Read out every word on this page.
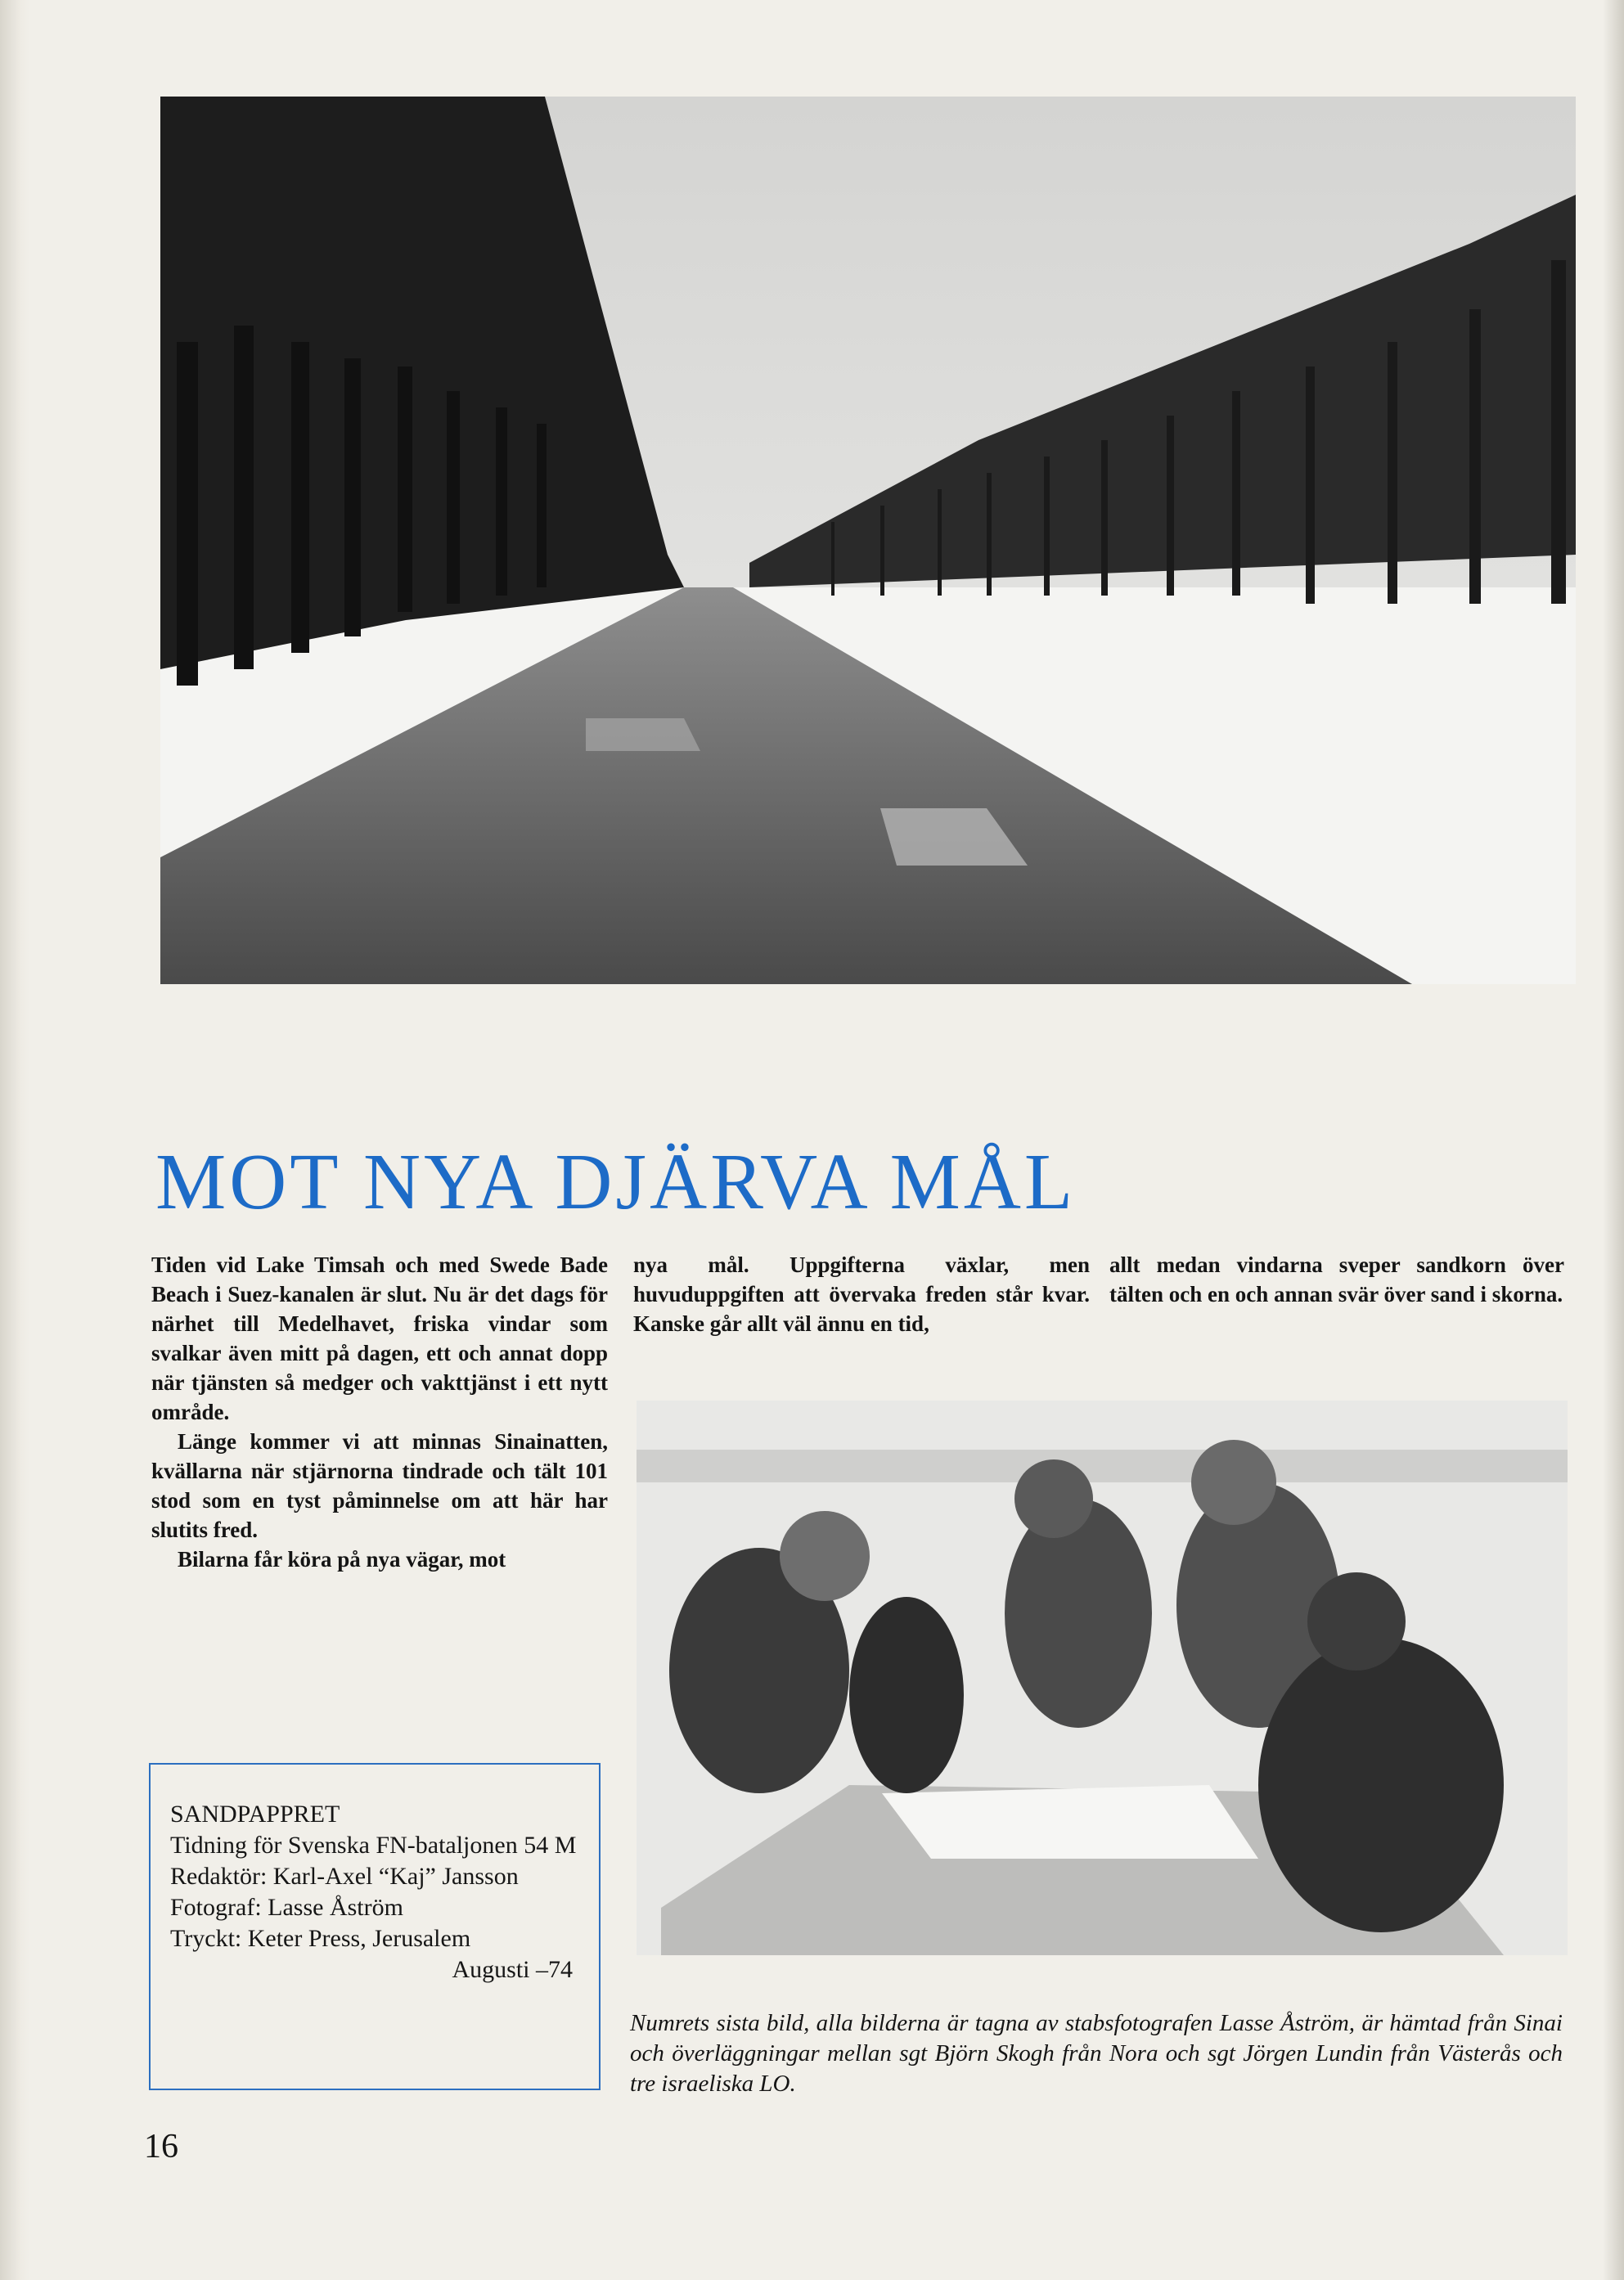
MOT NYA DJÄRVA MÅL

Tiden vid Lake Timsah och med Swede Bade Beach i Suez-kanalen är slut. Nu är det dags för närhet till Medelhavet, friska vindar som svalkar även mitt på dagen, ett och annat dopp när tjänsten så medger och vakttjänst i ett nytt område.

Länge kommer vi att minnas Sinainatten, kvällarna när stjärnorna tindrade och tält 101 stod som en tyst påminnelse om att här har slutits fred.

Bilarna får köra på nya vägar, mot

nya mål. Uppgifterna växlar, men huvuduppgiften att övervaka freden står kvar. Kanske går allt väl ännu en tid,

allt medan vindarna sveper sandkorn över tälten och en och annan svär över sand i skorna.

SANDPAPPRET
Tidning för Svenska FN-bataljonen 54 M
Redaktör: Karl-Axel “Kaj” Jansson
Fotograf: Lasse Åström
Tryckt: Keter Press, Jerusalem
Augusti –74
Numrets sista bild, alla bilderna är tagna av stabsfotografen Lasse Åström, är hämtad från Sinai och överläggningar mellan sgt Björn Skogh från Nora och sgt Jörgen Lundin från Västerås och tre israeliska LO.
16
